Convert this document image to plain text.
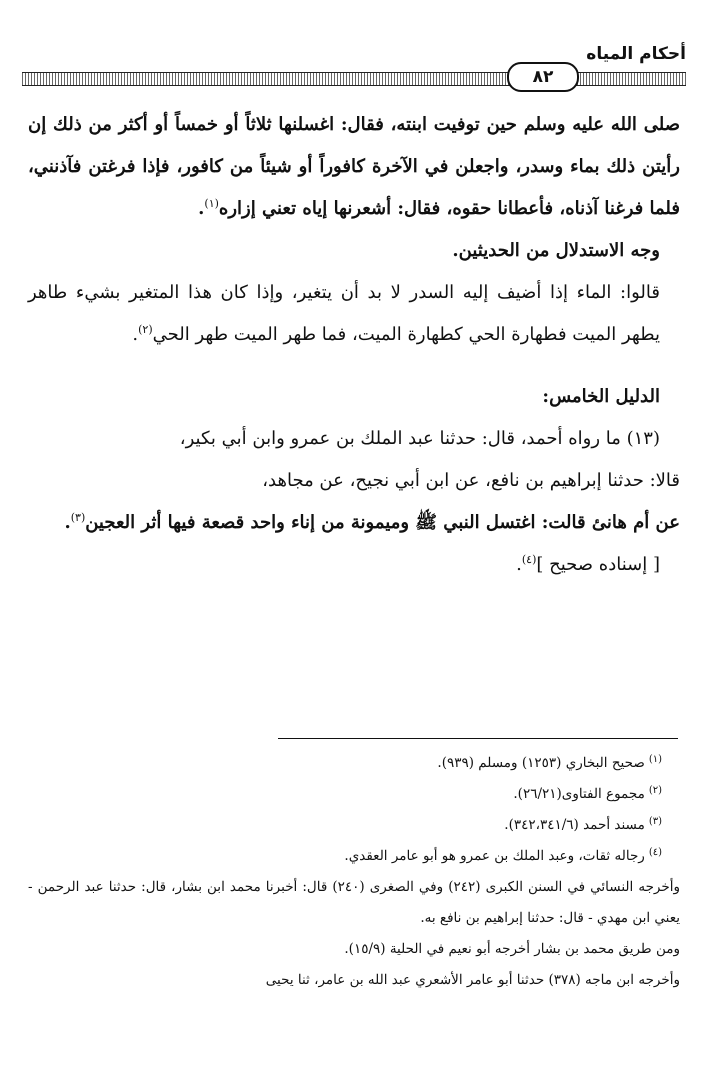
أحكام المياه
٨٢

صلى الله عليه وسلم حين توفيت ابنته، فقال: اغسلنها ثلاثاً أو خمساً أو أكثر من ذلك إن رأيتن ذلك بماء وسدر، واجعلن في الآخرة كافوراً أو شيئاً من كافور، فإذا فرغتن فآذنني، فلما فرغنا آذناه، فأعطانا حقوه، فقال: أشعرنها إياه تعني إزاره$^{(١)}$.

وجه الاستدلال من الحديثين.

قالوا: الماء إذا أضيف إليه السدر لا بد أن يتغير، وإذا كان هذا المتغير بشيء طاهر يطهر الميت فطهارة الحي كطهارة الميت، فما طهر الميت طهر الحي$^{(٢)}$.

الدليل الخامس:

(١٣) ما رواه أحمد، قال: حدثنا عبد الملك بن عمرو وابن أبي بكير،

قالا: حدثنا إبراهيم بن نافع، عن ابن أبي نجيح، عن مجاهد،

عن أم هانئ قالت: اغتسل النبي ﷺ وميمونة من إناء واحد قصعة فيها أثر العجين$^{(٣)}$.

[ إسناده صحيح ]$^{(٤)}$.

$^{(١)}$صحيح البخاري (١٢٥٣) ومسلم (٩٣٩).

$^{(٢)}$مجموع الفتاوى(٢٦/٢١).

$^{(٣)}$مسند أحمد (٣٤٢،٣٤١/٦).

$^{(٤)}$رجاله ثقات، وعبد الملك بن عمرو هو أبو عامر العقدي.

وأخرجه النسائي في السنن الكبرى (٢٤٢) وفي الصغرى (٢٤٠) قال: أخبرنا محمد ابن بشار، قال: حدثنا عبد الرحمن - يعني ابن مهدي - قال: حدثنا إبراهيم بن نافع به.

ومن طريق محمد بن بشار أخرجه أبو نعيم في الحلية (١٥/٩).

وأخرجه ابن ماجه (٣٧٨) حدثنا أبو عامر الأشعري عبد الله بن عامر، ثنا يحيى
